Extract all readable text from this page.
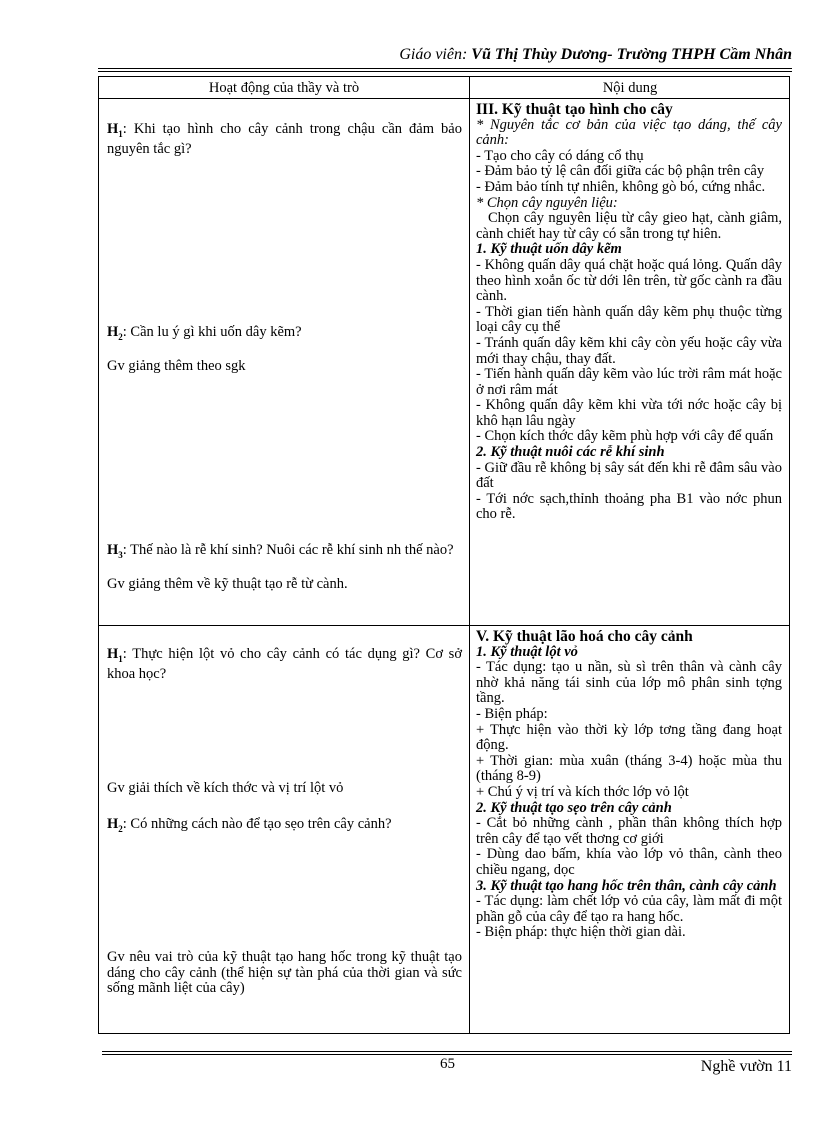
Giáo viên: Vũ Thị Thùy Dương- Trường THPH Cầm Nhân
Hoạt động của thầy và trò	Nội dung

$H_1$: Khi tạo hình cho cây cảnh trong chậu cần đảm bảo nguyên tắc gì?

$H_2$: Cần lu ý gì khi uốn dây kẽm?

Gv giảng thêm theo sgk

$H_3$: Thế nào là rễ khí sinh? Nuôi các rễ khí sinh nh thế nào?

Gv giảng thêm về kỹ thuật tạo rễ từ cành.

III. Kỹ thuật tạo hình cho cây

* Nguyên tắc cơ bản của việc tạo dáng, thế cây cảnh:

- Tạo cho cây có dáng cổ thụ

- Đảm bảo tỷ lệ cân đối giữa các bộ phận trên cây

- Đảm bảo tính tự nhiên, không gò bó, cứng nhắc.

* Chọn cây nguyên liệu:

Chọn cây nguyên liệu từ cây gieo hạt, cành giâm, cành chiết hay từ cây có sẵn trong tự hiên.

1. Kỹ thuật uốn dây kẽm

- Không quấn dây quá chặt hoặc quá lỏng. Quấn dây theo hình xoắn ốc từ dới lên trên, từ gốc cành ra đầu cành.

- Thời gian tiến hành quấn dây kẽm phụ thuộc từng loại cây cụ thể

- Tránh quấn dây kẽm khi cây còn yếu hoặc cây vừa mới thay chậu, thay đất.

- Tiến hành quấn dây kẽm vào lúc trời râm mát hoặc ở nơi râm mát

- Không quấn dây kẽm khi vừa tới nớc hoặc cây bị khô hạn lâu ngày

- Chọn kích thớc dây kẽm phù hợp với cây để quấn

2. Kỹ thuật nuôi các rễ khí sinh

- Giữ đầu rễ không bị sây sát đến khi rễ đâm sâu vào đất

- Tới nớc sạch,thỉnh thoảng pha B1 vào nớc phun cho rễ.

$H_1$: Thực hiện lột vỏ cho cây cảnh có tác dụng gì? Cơ sở khoa học?

Gv giải thích về kích thớc và vị trí lột vỏ

$H_2$: Có những cách nào để tạo sẹo trên cây cảnh?

Gv nêu vai trò của kỹ thuật tạo hang hốc trong kỹ thuật tạo dáng cho cây cảnh (thể hiện sự tàn phá của thời gian và sức sống mãnh liệt của cây)

V. Kỹ thuật lão hoá cho cây cảnh

1. Kỹ thuật lột vỏ

- Tác dụng: tạo u nần, sù sì trên thân và cành cây nhờ khả năng tái sinh của lớp mô phân sinh tợng tầng.

- Biện pháp:

+ Thực hiện vào thời kỳ lớp tơng tầng đang hoạt động.

+ Thời gian: mùa xuân (tháng 3-4) hoặc mùa thu (tháng 8-9)

+ Chú ý vị trí và kích thớc lớp vỏ lột

2. Kỹ thuật tạo sẹo trên cây cảnh

- Cắt bỏ những cành , phần thân không thích hợp trên cây để tạo vết thơng cơ giới

- Dùng dao bấm, khía vào lớp vỏ thân, cành theo chiều ngang, dọc

3. Kỹ thuật tạo hang hốc trên thân, cành cây cảnh

- Tác dụng: làm chết lớp vỏ của cây, làm mất đi một phần gỗ của cây để tạo ra hang hốc.

- Biện pháp: thực hiện thời gian dài.

65	Nghề vườn 11
